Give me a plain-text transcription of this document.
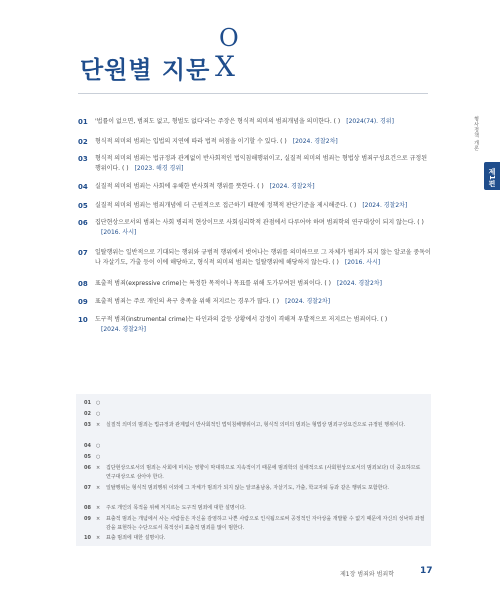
단원별 지문
O
X
형사정책 개론
제1편
01 '법률이 없으면, 범죄도 없고, 형벌도 없다'라는 주장은 형식적 의미의 범죄개념을 의미한다. ( ) [2024(74). 경위]
02 형식적 의미의 범죄는 입법의 지연에 따라 법적 허점을 이기할 수 있다. ( ) [2024. 경찰2차]
03 형식적 의미의 범죄는 법규정과 관계없이 반사회적인 법익침해행위이고, 실질적 의미의 범죄는 형법상 범죄구성요건으로 규정된 행위이다. ( ) [2023. 해경 경위]
04 실질적 의미의 범죄는 사회에 유해한 반사회적 행위를 뜻한다. ( ) [2024. 경찰2차]
05 실질적 의미의 범죄는 범죄개념에 더 근원적으로 접근하기 때문에 정책적 판단기준을 제시해준다. ( ) [2024. 경찰2차]
06 집단현상으로서의 범죄는 사회 병리적 현상이므로 사회심리학적 관점에서 다루어야 하며 범죄학의 연구대상이 되지 않는다. ( )[2016. 사시]
07 일탈행위는 일반적으로 기대되는 행위와 규범적 행위에서 벗어나는 행위를 의미하므로 그 자체가 범죄가 되지 않는 알코올 중독이나 자살기도, 가출 등이 이에 해당하고, 형식적 의미의 범죄는 일탈행위에 해당하지 않는다. ( ) [2016. 사시]
08 표출적 범죄(expressive crime)는 특정한 목적이나 목표를 위해 도가부여된 범죄이다. ( ) [2024. 경찰2차]
09 표출적 범죄는 주로 개인의 욕구 충족을 위해 저지르는 경우가 많다. ( ) [2024. 경찰2차]
10 도구적 범죄(instrumental crime)는 타인과의 갈등 상황에서 감정이 격해져 우발적으로 저지르는 범죄이다. ( )[2024. 경찰2차]
01 ○
02 ○
03 × 실질적 의미의 범죄는 법규정과 관계없이 반사회적인 법익침해행위이고, 형식적 의미의 범죄는 형법상 범죄구성요건으로 규정된 행위이다.
04 ○
05 ○
06 × 집단현상으로서의 범죄는 사회에 미치는 영향이 막대하므로 지속적이기 때문에 범죄학의 실태적으로 (사회현상으로서의 범죄보다) 더 중요하므로 연구대상으로 삼아야 한다.
07 × 일탈행위는 형식적 범죄행위 이외에 그 자체가 범죄가 되지 않는 알코올남용, 자살기도, 가출, 학교자퇴 등과 같은 행위도 포함한다.
08 × 주로 개인의 목적을 위해 저지르는 도구적 범죄에 대한 설명이다.
09 × 표출적 범죄는 개념에서 사는 사람들은 자신을 감염하고 나쁜 사람으로 인식됨으로써 공정적인 자아상을 개발할 수 없기 때문에 자신의 성낙하 좌절감을 표현하는 수단으로서 목적성이 표출적 범죄를 많이 범한다.
10 × 표출 범죄에 대한 설명이다.
제1장 범죄와 범죄학	17
